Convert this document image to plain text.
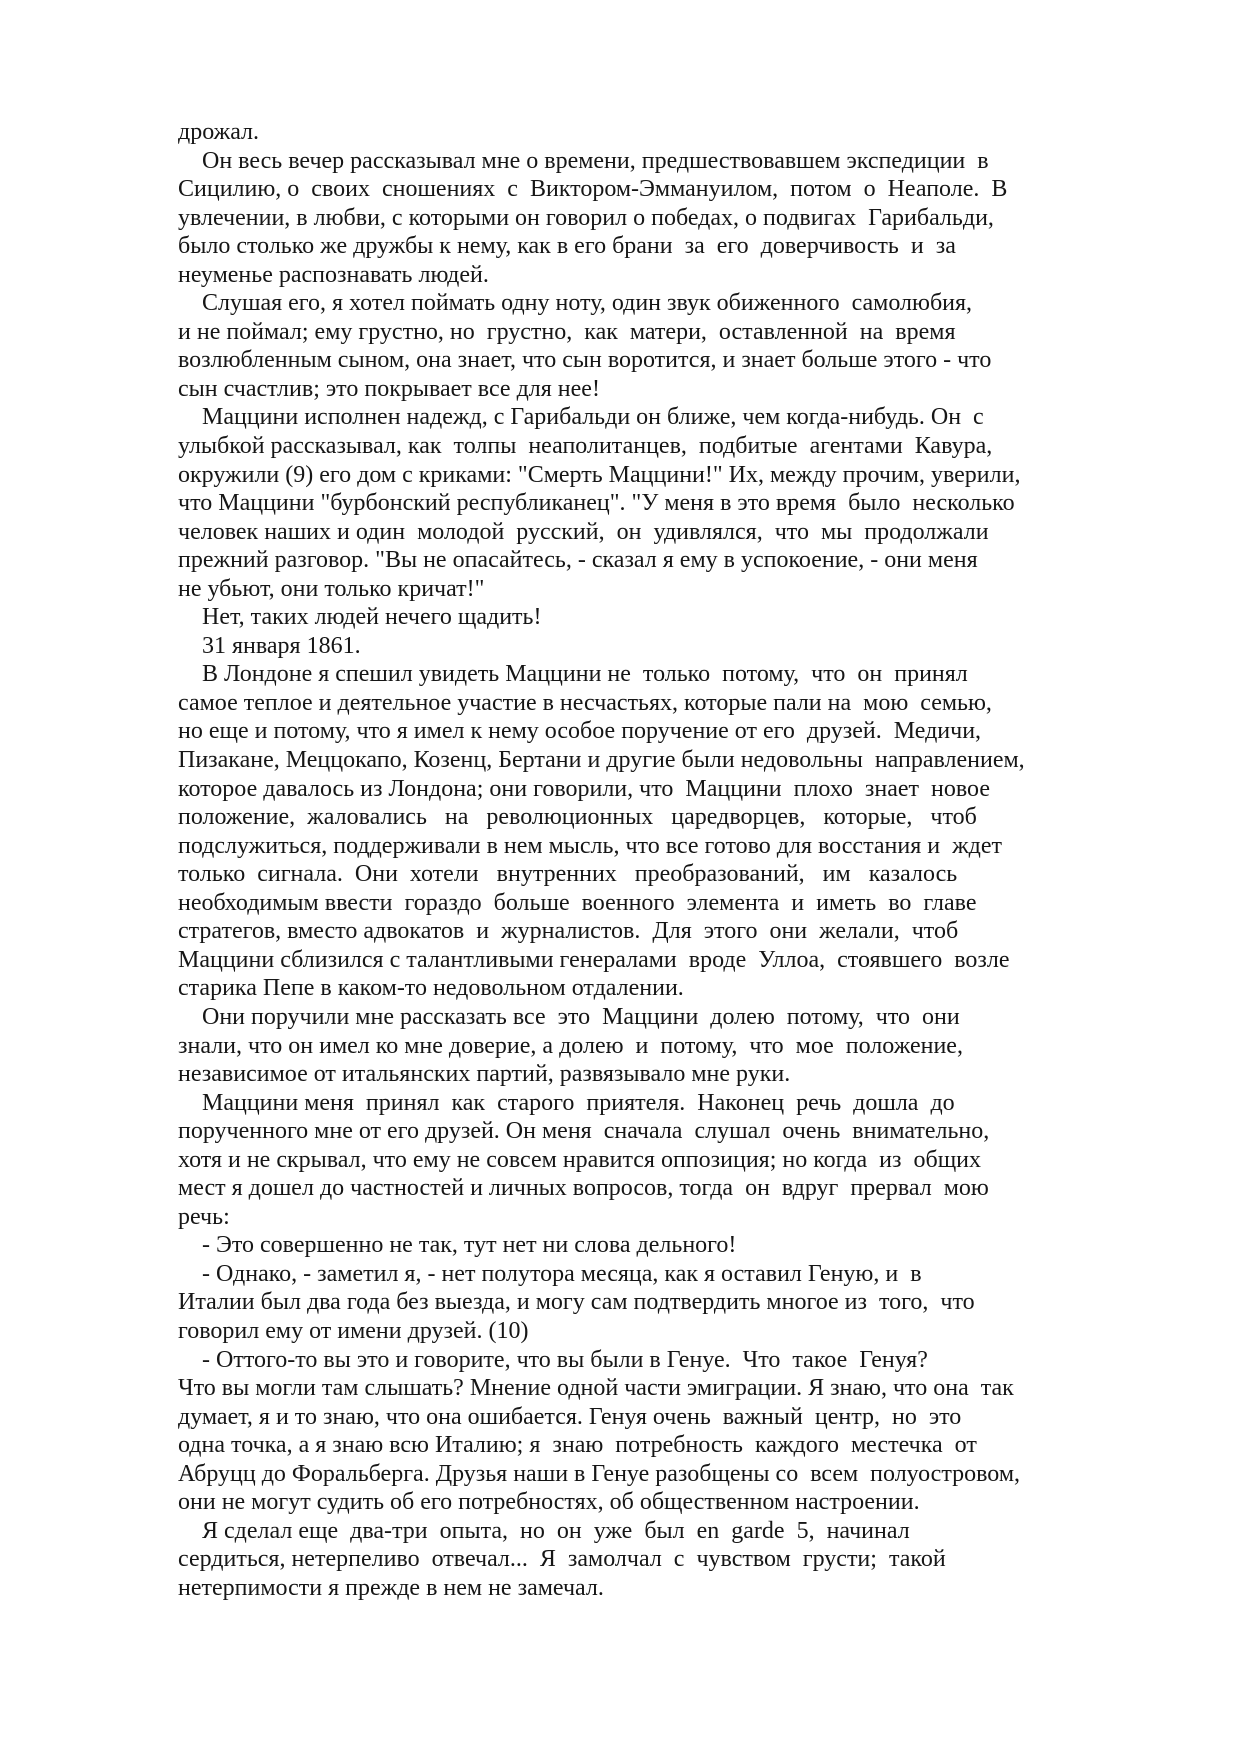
дрожал.
Он весь вечер рассказывал мне о времени, предшествовавшем экспедиции  в
Сицилию, о  своих  сношениях  с  Виктором-Эммануилом,  потом  о  Неаполе.  В
увлечении, в любви, с которыми он говорил о победах, о подвигах  Гарибальди,
было столько же дружбы к нему, как в его брани  за  его  доверчивость  и  за
неуменье распознавать людей.
Слушая его, я хотел поймать одну ноту, один звук обиженного  самолюбия,
и не поймал; ему грустно, но  грустно,  как  матери,  оставленной  на  время
возлюбленным сыном, она знает, что сын воротится, и знает больше этого - что
сын счастлив; это покрывает все для нее!
Маццини исполнен надежд, с Гарибальди он ближе, чем когда-нибудь. Он  с
улыбкой рассказывал, как  толпы  неаполитанцев,  подбитые  агентами  Кавура,
окружили (9) его дом с криками: "Смерть Маццини!" Их, между прочим, уверили,
что Маццини "бурбонский республиканец". "У меня в это время  было  несколько
человек наших и один  молодой  русский,  он  удивлялся,  что  мы  продолжали
прежний разговор. "Вы не опасайтесь, - сказал я ему в успокоение, - они меня
не убьют, они только кричат!"
Нет, таких людей нечего щадить!
31 января 1861.
В Лондоне я спешил увидеть Маццини не  только  потому,  что  он  принял
самое теплое и деятельное участие в несчастьях, которые пали на  мою  семью,
но еще и потому, что я имел к нему особое поручение от его  друзей.  Медичи,
Пизакане, Меццокапо, Козенц, Бертани и другие были недовольны  направлением,
которое давалось из Лондона; они говорили, что  Маццини  плохо  знает  новое
положение,  жаловались   на   революционных   царедворцев,   которые,   чтоб
подслужиться, поддерживали в нем мысль, что все готово для восстания и  ждет
только  сигнала.  Они  хотели   внутренних   преобразований,   им   казалось
необходимым ввести  гораздо  больше  военного  элемента  и  иметь  во  главе
стратегов, вместо адвокатов  и  журналистов.  Для  этого  они  желали,  чтоб
Маццини сблизился с талантливыми генералами  вроде  Уллоа,  стоявшего  возле
старика Пепе в каком-то недовольном отдалении.
Они поручили мне рассказать все  это  Маццини  долею  потому,  что  они
знали, что он имел ко мне доверие, а долею  и  потому,  что  мое  положение,
независимое от итальянских партий, развязывало мне руки.
Маццини меня  принял  как  старого  приятеля.  Наконец  речь  дошла  до
порученного мне от его друзей. Он меня  сначала  слушал  очень  внимательно,
хотя и не скрывал, что ему не совсем нравится оппозиция; но когда  из  общих
мест я дошел до частностей и личных вопросов, тогда  он  вдруг  прервал  мою
речь:
- Это совершенно не так, тут нет ни слова дельного!
- Однако, - заметил я, - нет полутора месяца, как я оставил Геную, и  в
Италии был два года без выезда, и могу сам подтвердить многое из  того,  что
говорил ему от имени друзей. (10)
- Оттого-то вы это и говорите, что вы были в Генуе.  Что  такое  Генуя?
Что вы могли там слышать? Мнение одной части эмиграции. Я знаю, что она  так
думает, я и то знаю, что она ошибается. Генуя очень  важный  центр,  но  это
одна точка, а я знаю всю Италию; я  знаю  потребность  каждого  местечка  от
Абруцц до Форальберга. Друзья наши в Генуе разобщены со  всем  полуостровом,
они не могут судить об его потребностях, об общественном настроении.
Я сделал еще  два-три  опыта,  но  он  уже  был  en  garde  5,  начинал
сердиться, нетерпеливо  отвечал...  Я  замолчал  с  чувством  грусти;  такой
нетерпимости я прежде в нем не замечал.
